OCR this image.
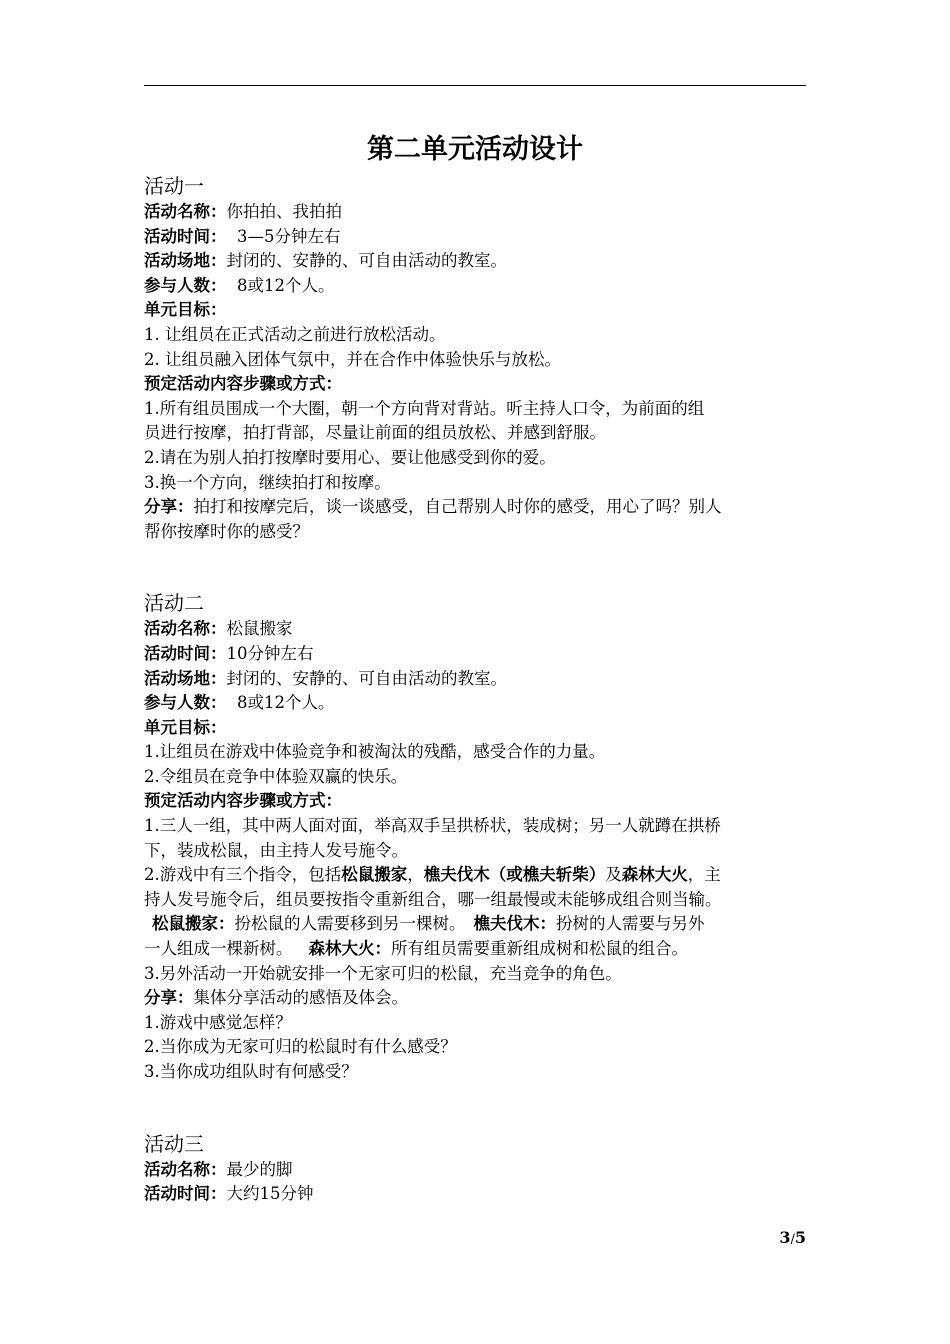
第二单元活动设计
活动一
活动名称：你拍拍、我拍拍
活动时间：  3—5分钟左右
活动场地：封闭的、安静的、可自由活动的教室。
参与人数：  8或12个人。
单元目标：
1. 让组员在正式活动之前进行放松活动。
2. 让组员融入团体气氛中，并在合作中体验快乐与放松。
预定活动内容步骤或方式：
1.所有组员围成一个大圈，朝一个方向背对背站。听主持人口令，为前面的组
员进行按摩，拍打背部，尽量让前面的组员放松、并感到舒服。
2.请在为别人拍打按摩时要用心、要让他感受到你的爱。
3.换一个方向，继续拍打和按摩。
分享：拍打和按摩完后，谈一谈感受，自己帮别人时你的感受，用心了吗？别人
帮你按摩时你的感受？
活动二
活动名称：松鼠搬家
活动时间：10分钟左右
活动场地：封闭的、安静的、可自由活动的教室。
参与人数：  8或12个人。
单元目标：
1.让组员在游戏中体验竞争和被淘汰的残酷，感受合作的力量。
2.令组员在竞争中体验双赢的快乐。
预定活动内容步骤或方式：
1.三人一组，其中两人面对面，举高双手呈拱桥状，装成树；另一人就蹲在拱桥
下，装成松鼠，由主持人发号施令。
2.游戏中有三个指令，包括松鼠搬家，樵夫伐木（或樵夫斩柴）及森林大火，主
持人发号施令后，组员要按指令重新组合，哪一组最慢或未能够成组合则当输。
松鼠搬家：扮松鼠的人需要移到另一棵树。 樵夫伐木：扮树的人需要与另外
一人组成一棵新树。 森林大火：所有组员需要重新组成树和松鼠的组合。
3.另外活动一开始就安排一个无家可归的松鼠，充当竞争的角色。
分享：集体分享活动的感悟及体会。
1.游戏中感觉怎样？
2.当你成为无家可归的松鼠时有什么感受？
3.当你成功组队时有何感受？
活动三
活动名称：最少的脚
活动时间：大约15分钟
3/5
